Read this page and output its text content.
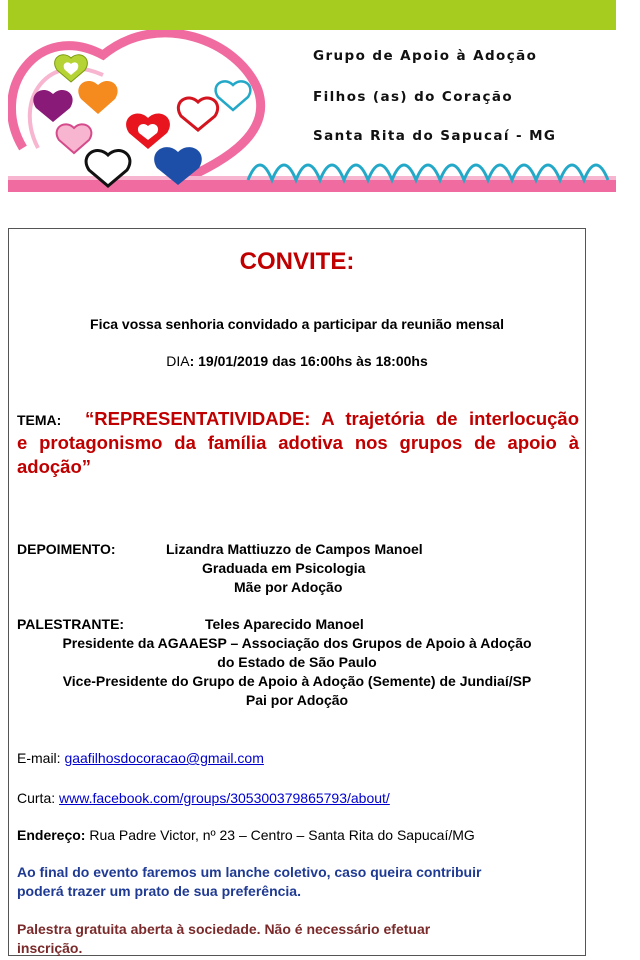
Grupo de Apoio à Adoção
Filhos (as) do Coração
Santa Rita do Sapucaí - MG
CONVITE:
Fica vossa senhoria convidado a participar da reunião mensal
DIA: 19/01/2019 das 16:00hs às 18:00hs
TEMA: “REPRESENTATIVIDADE: A trajetória de interlocução
e protagonismo da família adotiva nos grupos de apoio à
adoção”
DEPOIMENTO:	Lizandra Mattiuzzo de Campos Manoel
Graduada em Psicologia
Mãe por Adoção
PALESTRANTE:	Teles Aparecido Manoel
Presidente da AGAAESP – Associação dos Grupos de Apoio à Adoção
do Estado de São Paulo
Vice-Presidente do Grupo de Apoio à Adoção (Semente) de Jundiaí/SP
Pai por Adoção
E-mail: gaafilhosdocoracao@gmail.com
Curta: www.facebook.com/groups/305300379865793/about/
Endereço: Rua Padre Victor, nº 23 – Centro – Santa Rita do Sapucaí/MG
Ao final do evento faremos um lanche coletivo, caso queira contribuir
poderá trazer um prato de sua preferência.
Palestra gratuita aberta à sociedade. Não é necessário efetuar
inscrição.
